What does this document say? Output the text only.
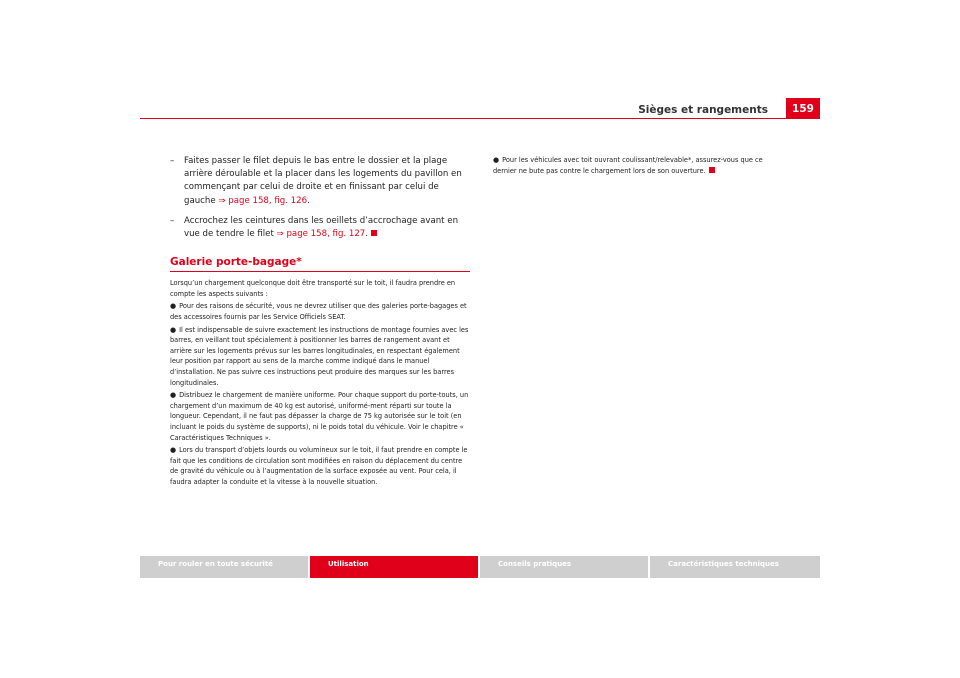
Sièges et rangements	159
– Faites passer le filet depuis le bas entre le dossier et la plage arrière déroulable et la placer dans les logements du pavillon en commençant par celui de droite et en finissant par celui de gauche ⇒ page 158, fig. 126.
– Accrochez les ceintures dans les oeillets d’accrochage avant en vue de tendre le filet ⇒ page 158, fig. 127.
Galerie porte-bagage*

Lorsqu’un chargement quelconque doit être transporté sur le toit, il faudra prendre en compte les aspects suivants :

● Pour des raisons de sécurité, vous ne devrez utiliser que des galeries porte-bagages et des accessoires fournis par les Service Officiels SEAT.

● Il est indispensable de suivre exactement les instructions de montage fournies avec les barres, en veillant tout spécialement à positionner les barres de rangement avant et arrière sur les logements prévus sur les barres longitudinales, en respectant également leur position par rapport au sens de la marche comme indiqué dans le manuel d’installation. Ne pas suivre ces instructions peut produire des marques sur les barres longitudinales.

● Distribuez le chargement de manière uniforme. Pour chaque support du porte-touts, un chargement d’un maximum de 40 kg est autorisé, uniformé-ment réparti sur toute la longueur. Cependant, il ne faut pas dépasser la charge de 75 kg autorisée sur le toit (en incluant le poids du système de supports), ni le poids total du véhicule. Voir le chapitre « Caractéristiques Techniques ».

● Lors du transport d’objets lourds ou volumineux sur le toit, il faut prendre en compte le fait que les conditions de circulation sont modifiées en raison du déplacement du centre de gravité du véhicule ou à l’augmentation de la surface exposée au vent. Pour cela, il faudra adapter la conduite et la vitesse à la nouvelle situation.

● Pour les véhicules avec toit ouvrant coulissant/relevable*, assurez-vous que ce dernier ne bute pas contre le chargement lors de son ouverture.

Pour rouler en toute sécurité	Utilisation	Conseils pratiques	Caractéristiques techniques
